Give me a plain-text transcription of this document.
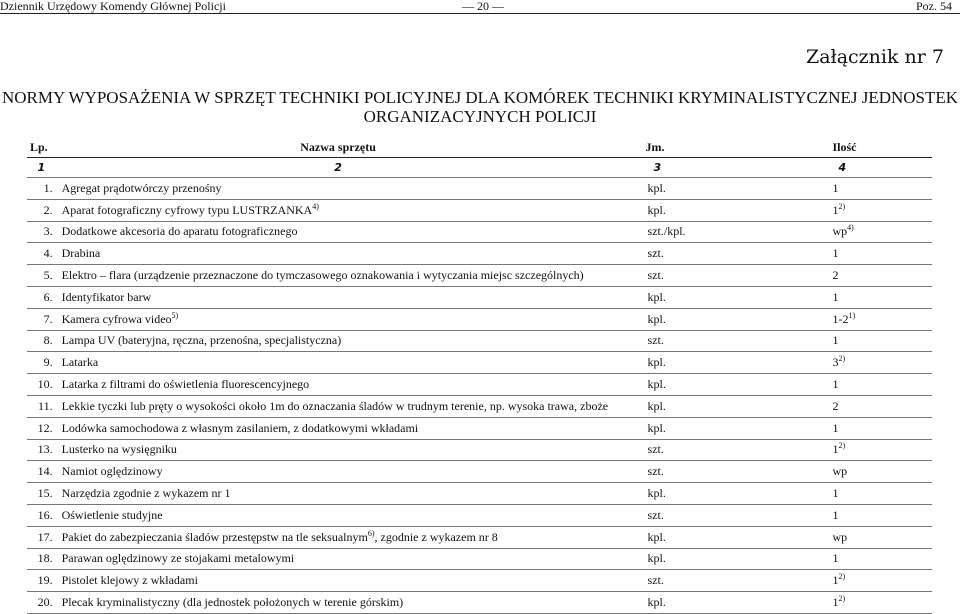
Dziennik Urzędowy Komendy Głównej Policji	— 20 —	Poz. 54
Załącznik nr 7
NORMY WYPOSAŻENIA W SPRZĘT TECHNIKI POLICYJNEJ DLA KOMÓREK TECHNIKI KRYMINALISTYCZNEJ JEDNOSTEK ORGANIZACYJNYCH POLICJI
Lp.	Nazwa sprzętu	Jm.	Ilość
1	2	3	4
1.	Agregat prądotwórczy przenośny	kpl.	1
2.	Aparat fotograficzny cyfrowy typu LUSTRZANKA$^{4)}$	kpl.	1$^{2)}$
3.	Dodatkowe akcesoria do aparatu fotograficznego	szt./kpl.	$wp^{4)}$
4.	Drabina	szt.	1
5.	Elektro – flara (urządzenie przeznaczone do tymczasowego oznakowania i wytyczania miejsc szczególnych)	szt.	2
6.	Identyfikator barw	kpl.	1
7.	Kamera cyfrowa video$^{5)}$	kpl.	1-2$^{1)}$
8.	Lampa UV (bateryjna, ręczna, przenośna, specjalistyczna)	szt.	1
9.	Latarka	kpl.	3$^{2)}$
10.	Latarka z filtrami do oświetlenia fluorescencyjnego	kpl.	1
11.	Lekkie tyczki lub pręty o wysokości około 1m do oznaczania śladów w trudnym terenie, np. wysoka trawa, zboże	kpl.	2
12.	Lodówka samochodowa z własnym zasilaniem, z dodatkowymi wkładami	kpl.	1
13.	Lusterko na wysięgniku	szt.	1$^{2)}$
14.	Namiot oględzinowy	szt.	wp
15.	Narzędzia zgodnie z wykazem nr 1	kpl.	1
16.	Oświetlenie studyjne	szt.	1
17.	Pakiet do zabezpieczania śladów przestępstw na tle seksualnym$^{6)}$, zgodnie z wykazem nr 8	kpl.	wp
18.	Parawan oględzinowy ze stojakami metalowymi	kpl.	1
19.	Pistolet klejowy z wkładami	szt.	1$^{2)}$
20.	Plecak kryminalistyczny (dla jednostek położonych w terenie górskim)	kpl.	1$^{2)}$
